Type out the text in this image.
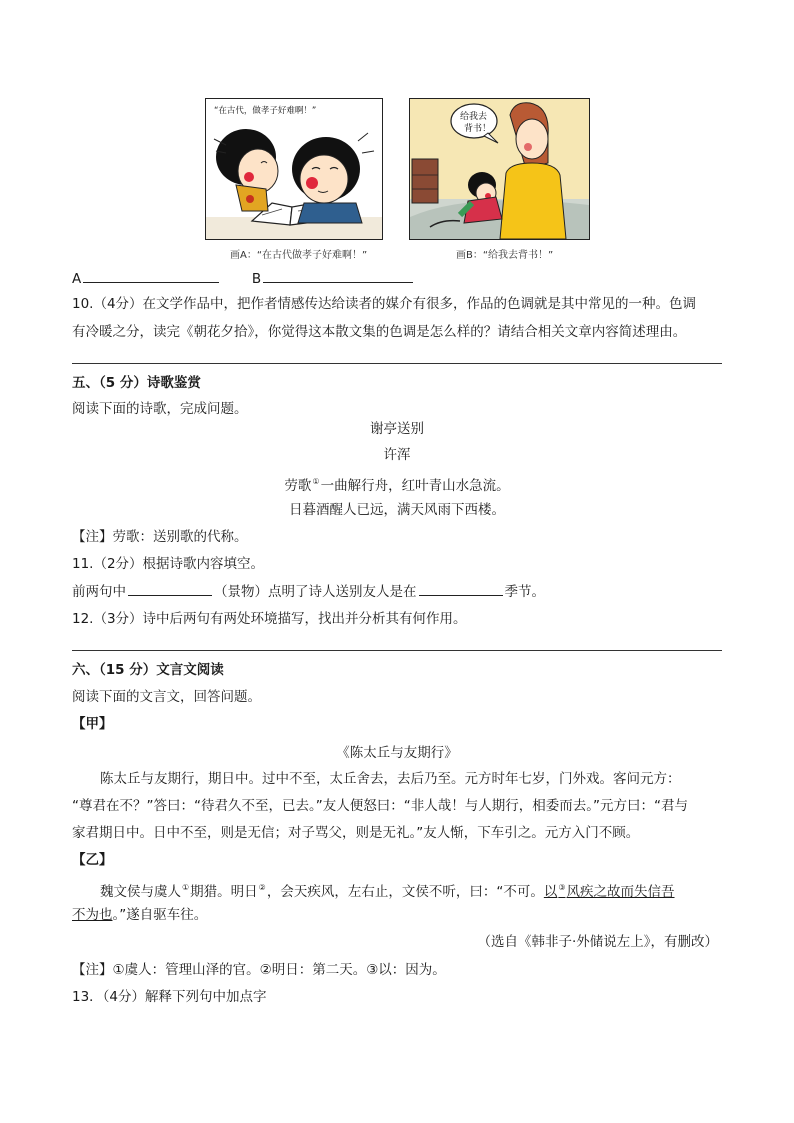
“在古代，做孝子好难啊！”
给我去
背书！
画A：“在古代做孝子好难啊！”	画B：“给我去背书！”
A	B
10.（4分）在文学作品中，把作者情感传达给读者的媒介有很多，作品的色调就是其中常见的一种。色调
有冷暖之分，读完《朝花夕拾》，你觉得这本散文集的色调是怎么样的？请结合相关文章内容简述理由。
五、（5 分）诗歌鉴赏
阅读下面的诗歌，完成问题。
谢亭送别
许浑
劳歌①一曲解行舟，红叶青山水急流。
日暮酒醒人已远，满天风雨下西楼。
【注】劳歌：送别歌的代称。
11.（2分）根据诗歌内容填空。
前两句中	（景物）点明了诗人送别友人是在	季节。
12.（3分）诗中后两句有两处环境描写，找出并分析其有何作用。
六、（15 分）文言文阅读
阅读下面的文言文，回答问题。
【甲】
《陈太丘与友期行》
陈太丘与友期行，期日中。过中不至，太丘舍去，去后乃至。元方时年七岁，门外戏。客问元方：
“尊君在不？”答曰：“待君久不至，已去。”友人便怒曰：“非人哉！与人期行，相委而去。”元方曰：“君与
家君期日中。日中不至，则是无信；对子骂父，则是无礼。”友人惭，下车引之。元方入门不顾。
【乙】
魏文侯与虞人①期猎。明日②，会天疾风，左右止，文侯不听，曰：“不可。以③风疾之故而失信吾
不为也。”遂自驱车往。
（选自《韩非子·外储说左上》，有删改）
【注】①虞人：管理山泽的官。②明日：第二天。③以：因为。
13．（4分）解释下列句中加点字
